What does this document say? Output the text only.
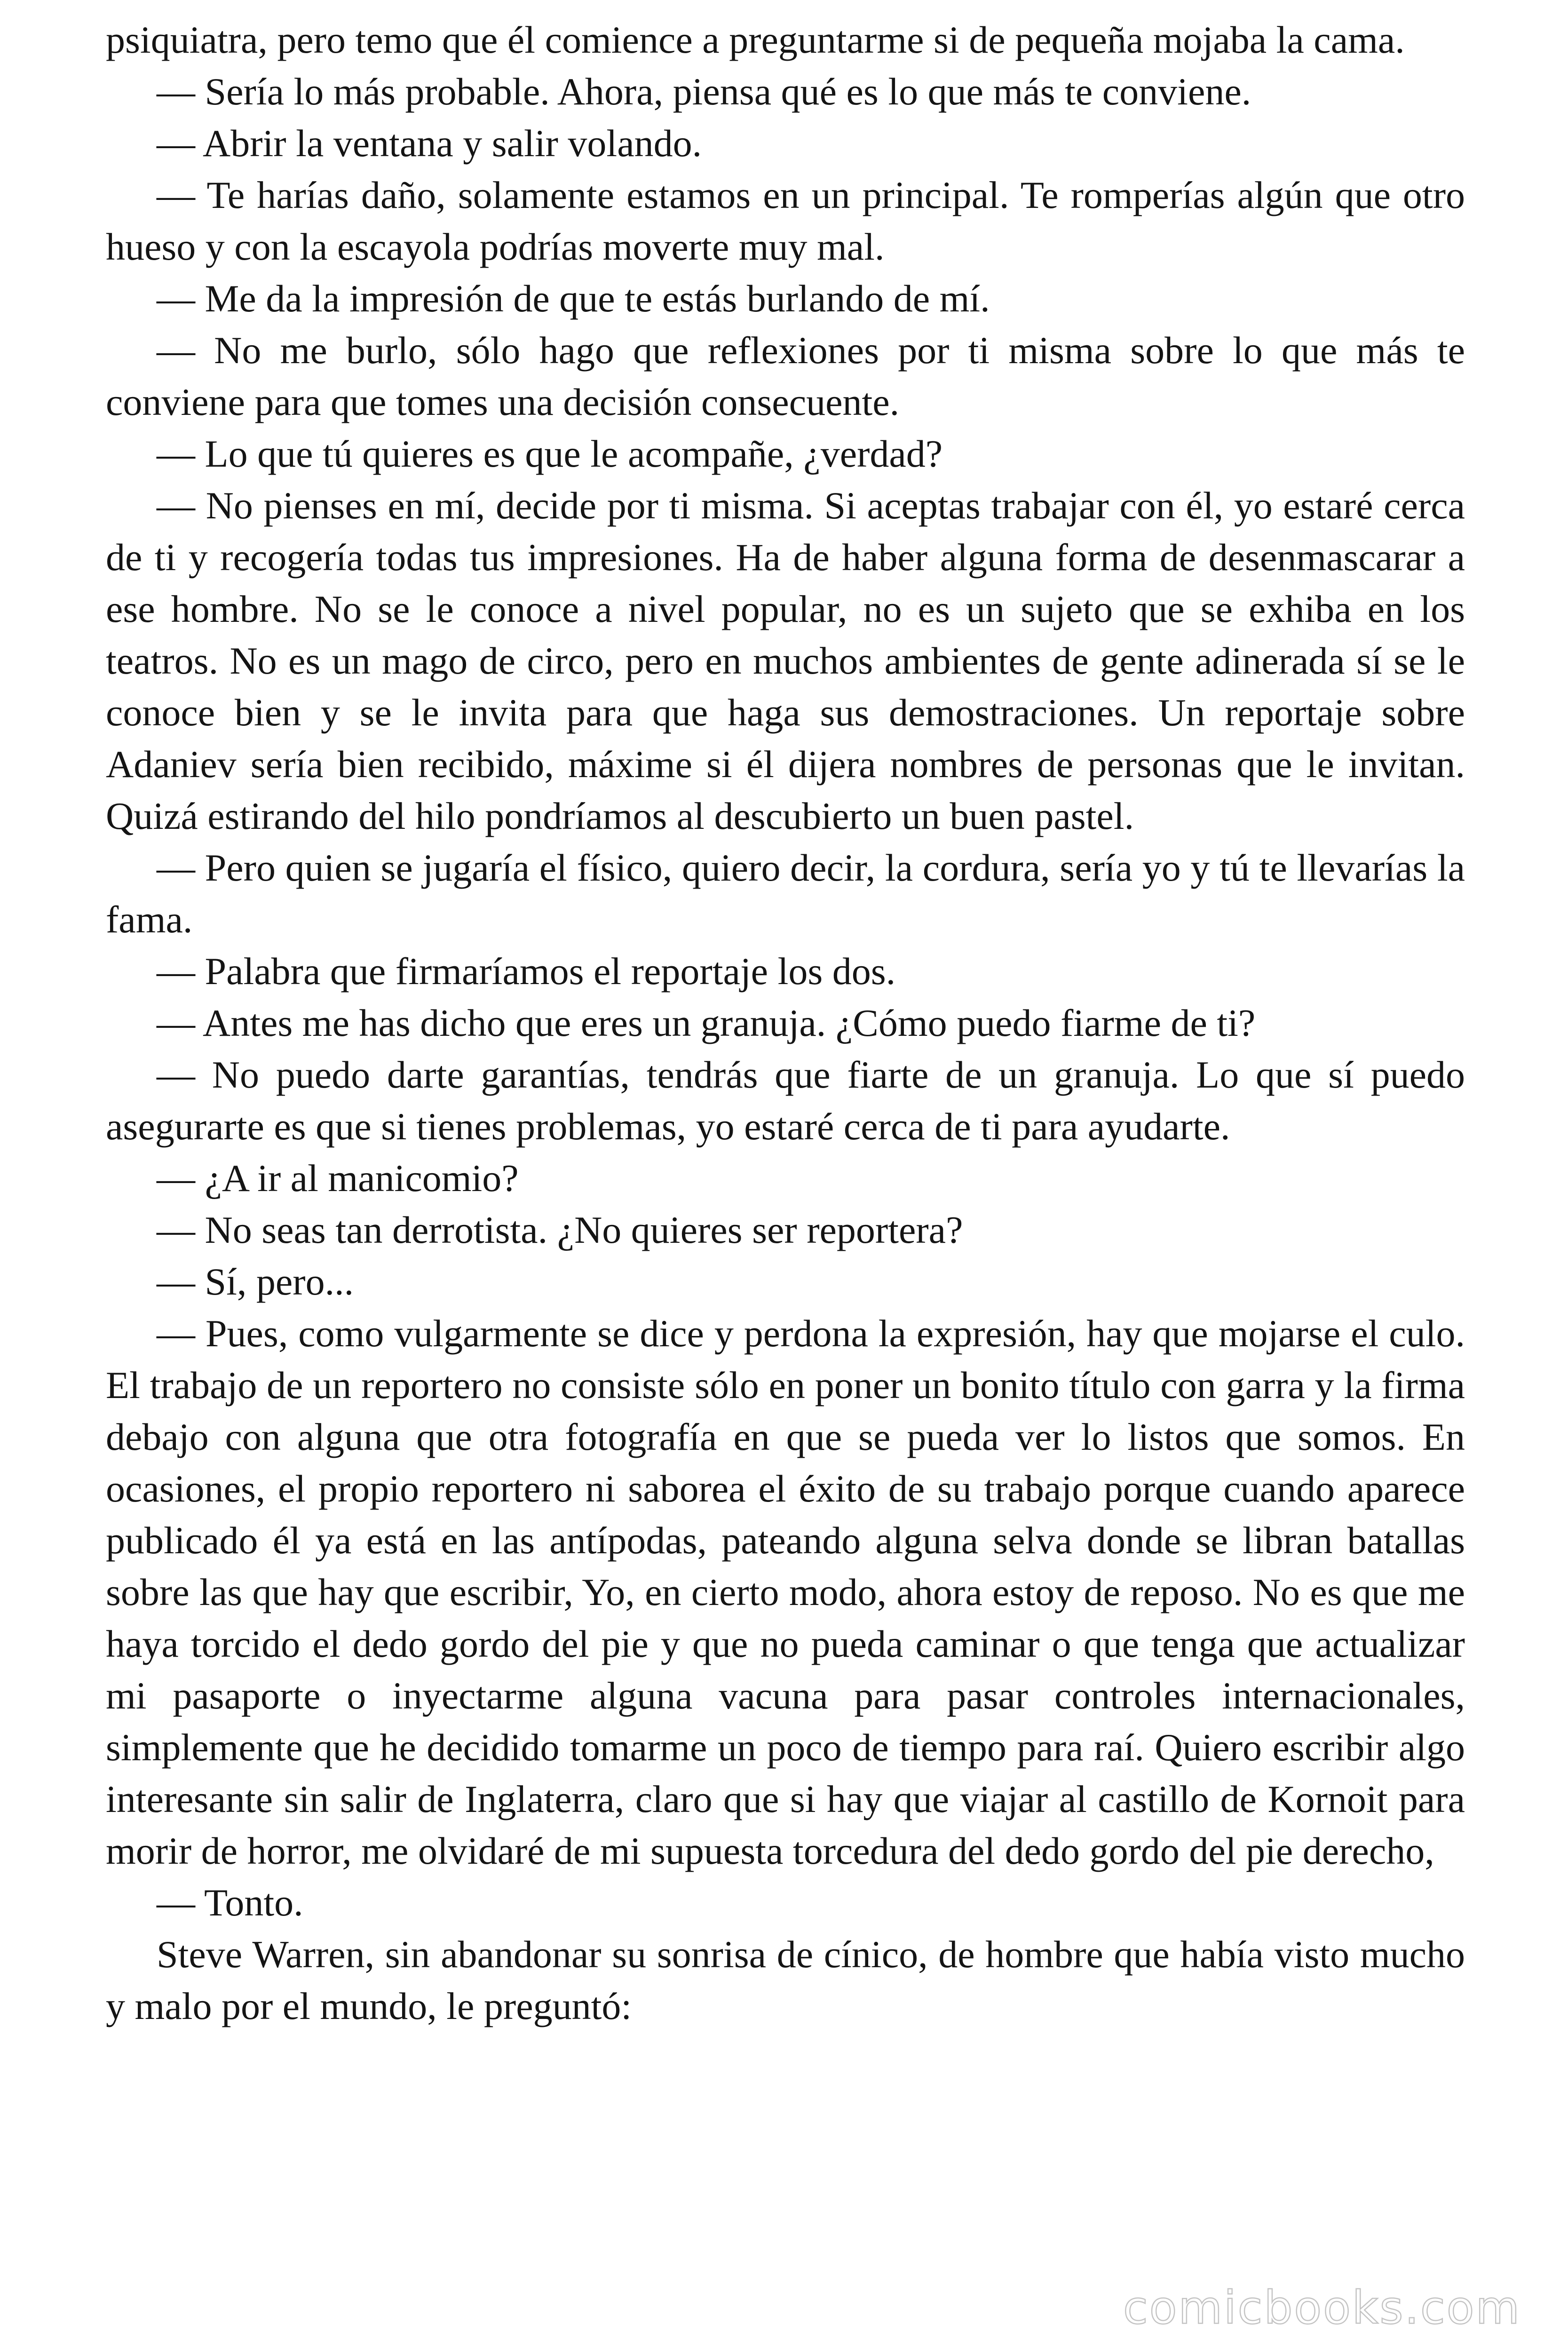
psiquiatra, pero temo que él comience a preguntarme si de pequeña mojaba la cama.

— Sería lo más probable. Ahora, piensa qué es lo que más te conviene.

— Abrir la ventana y salir volando.

— Te harías daño, solamente estamos en un principal. Te romperías algún que otro hueso y con la escayola podrías moverte muy mal.

— Me da la impresión de que te estás burlando de mí.

— No me burlo, sólo hago que reflexiones por ti misma sobre lo que más te conviene para que tomes una decisión consecuente.

— Lo que tú quieres es que le acompañe, ¿verdad?

— No pienses en mí, decide por ti misma. Si aceptas trabajar con él, yo estaré cerca de ti y recogería todas tus impresiones. Ha de haber alguna forma de desenmascarar a ese hombre. No se le conoce a nivel popular, no es un sujeto que se exhiba en los teatros. No es un mago de circo, pero en muchos ambientes de gente adinerada sí se le conoce bien y se le invita para que haga sus demostraciones. Un reportaje sobre Adaniev sería bien recibido, máxime si él dijera nombres de personas que le invitan. Quizá estirando del hilo pondríamos al descubierto un buen pastel.

— Pero quien se jugaría el físico, quiero decir, la cordura, sería yo y tú te llevarías la fama.

— Palabra que firmaríamos el reportaje los dos.

— Antes me has dicho que eres un granuja. ¿Cómo puedo fiarme de ti?

— No puedo darte garantías, tendrás que fiarte de un granuja. Lo que sí puedo asegurarte es que si tienes problemas, yo estaré cerca de ti para ayudarte.

— ¿A ir al manicomio?

— No seas tan derrotista. ¿No quieres ser reportera?

— Sí, pero...

— Pues, como vulgarmente se dice y perdona la expresión, hay que mojarse el culo. El trabajo de un reportero no consiste sólo en poner un bonito título con garra y la firma debajo con alguna que otra fotografía en que se pueda ver lo listos que somos. En ocasiones, el propio reportero ni saborea el éxito de su trabajo porque cuando aparece publicado él ya está en las antípodas, pateando alguna selva donde se libran batallas sobre las que hay que escribir, Yo, en cierto modo, ahora estoy de reposo. No es que me haya torcido el dedo gordo del pie y que no pueda caminar o que tenga que actualizar mi pasaporte o inyectarme alguna vacuna para pasar controles internacionales, simplemente que he decidido tomarme un poco de tiempo para raí. Quiero escribir algo interesante sin salir de Inglaterra, claro que si hay que viajar al castillo de Kornoit para morir de horror, me olvidaré de mi supuesta torcedura del dedo gordo del pie derecho,

— Tonto.

Steve Warren, sin abandonar su sonrisa de cínico, de hombre que había visto mucho y malo por el mundo, le preguntó:

comicbooks.com
